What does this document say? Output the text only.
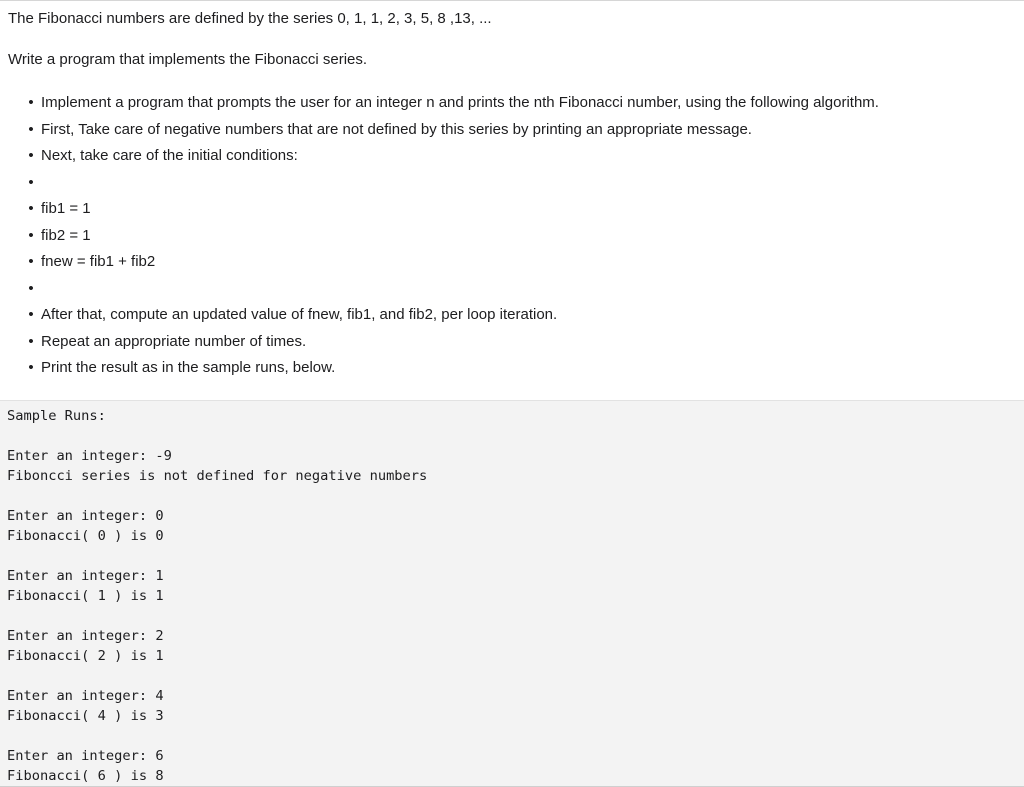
The Fibonacci numbers are defined by the series 0, 1, 1, 2, 3, 5, 8 ,13, ...

Write a program that implements the Fibonacci series.

• Implement a program that prompts the user for an integer n and prints the nth Fibonacci number, using the following algorithm.
• First, Take care of negative numbers that are not defined by this series by printing an appropriate message.
• Next, take care of the initial conditions:
•
• fib1 = 1
• fib2 = 1
• fnew = fib1 + fib2
•
• After that, compute an updated value of fnew, fib1, and fib2, per loop iteration.
• Repeat an appropriate number of times.
• Print the result as in the sample runs, below.
Sample Runs:
Enter an integer: -9
Fiboncci series is not defined for negative numbers
Enter an integer: 0
Fibonacci( 0 ) is 0
Enter an integer: 1
Fibonacci( 1 ) is 1
Enter an integer: 2
Fibonacci( 2 ) is 1
Enter an integer: 4
Fibonacci( 4 ) is 3
Enter an integer: 6
Fibonacci( 6 ) is 8
